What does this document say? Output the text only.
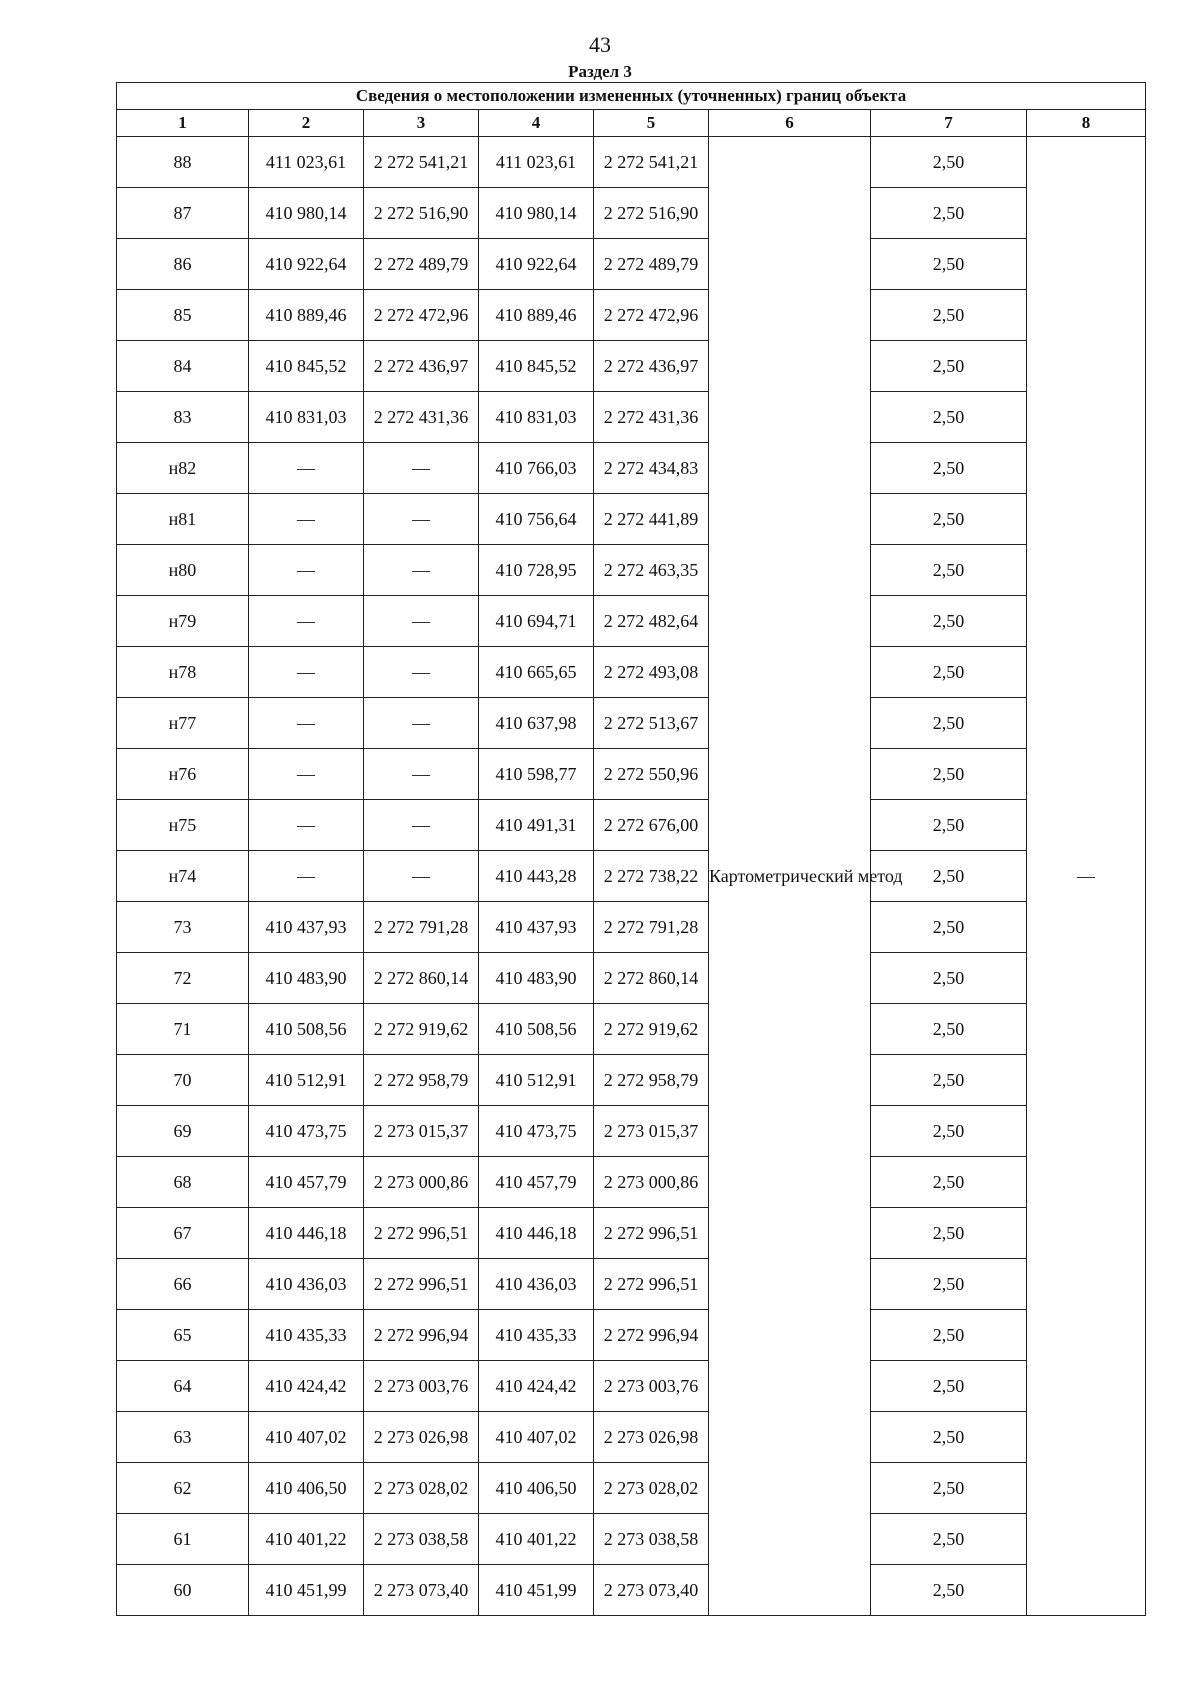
43
Раздел 3
Сведения о местоположении измененных (уточненных) границ объекта							
1	2	3	4	5	6	7	8
88	411 023,61	2 272 541,21	411 023,61	2 272 541,21	Картометрический метод	2,50	—
87	410 980,14	2 272 516,90	410 980,14	2 272 516,90		2,50	
86	410 922,64	2 272 489,79	410 922,64	2 272 489,79		2,50	
85	410 889,46	2 272 472,96	410 889,46	2 272 472,96		2,50	
84	410 845,52	2 272 436,97	410 845,52	2 272 436,97		2,50	
83	410 831,03	2 272 431,36	410 831,03	2 272 431,36		2,50	
н82	—	—	410 766,03	2 272 434,83		2,50	
н81	—	—	410 756,64	2 272 441,89		2,50	
н80	—	—	410 728,95	2 272 463,35		2,50	
н79	—	—	410 694,71	2 272 482,64		2,50	
н78	—	—	410 665,65	2 272 493,08		2,50	
н77	—	—	410 637,98	2 272 513,67		2,50	
н76	—	—	410 598,77	2 272 550,96		2,50	
н75	—	—	410 491,31	2 272 676,00		2,50	
н74	—	—	410 443,28	2 272 738,22		2,50	
73	410 437,93	2 272 791,28	410 437,93	2 272 791,28		2,50	
72	410 483,90	2 272 860,14	410 483,90	2 272 860,14		2,50	
71	410 508,56	2 272 919,62	410 508,56	2 272 919,62		2,50	
70	410 512,91	2 272 958,79	410 512,91	2 272 958,79		2,50	
69	410 473,75	2 273 015,37	410 473,75	2 273 015,37		2,50	
68	410 457,79	2 273 000,86	410 457,79	2 273 000,86		2,50	
67	410 446,18	2 272 996,51	410 446,18	2 272 996,51		2,50	
66	410 436,03	2 272 996,51	410 436,03	2 272 996,51		2,50	
65	410 435,33	2 272 996,94	410 435,33	2 272 996,94		2,50	
64	410 424,42	2 273 003,76	410 424,42	2 273 003,76		2,50	
63	410 407,02	2 273 026,98	410 407,02	2 273 026,98		2,50	
62	410 406,50	2 273 028,02	410 406,50	2 273 028,02		2,50	
61	410 401,22	2 273 038,58	410 401,22	2 273 038,58		2,50	
60	410 451,99	2 273 073,40	410 451,99	2 273 073,40		2,50	
